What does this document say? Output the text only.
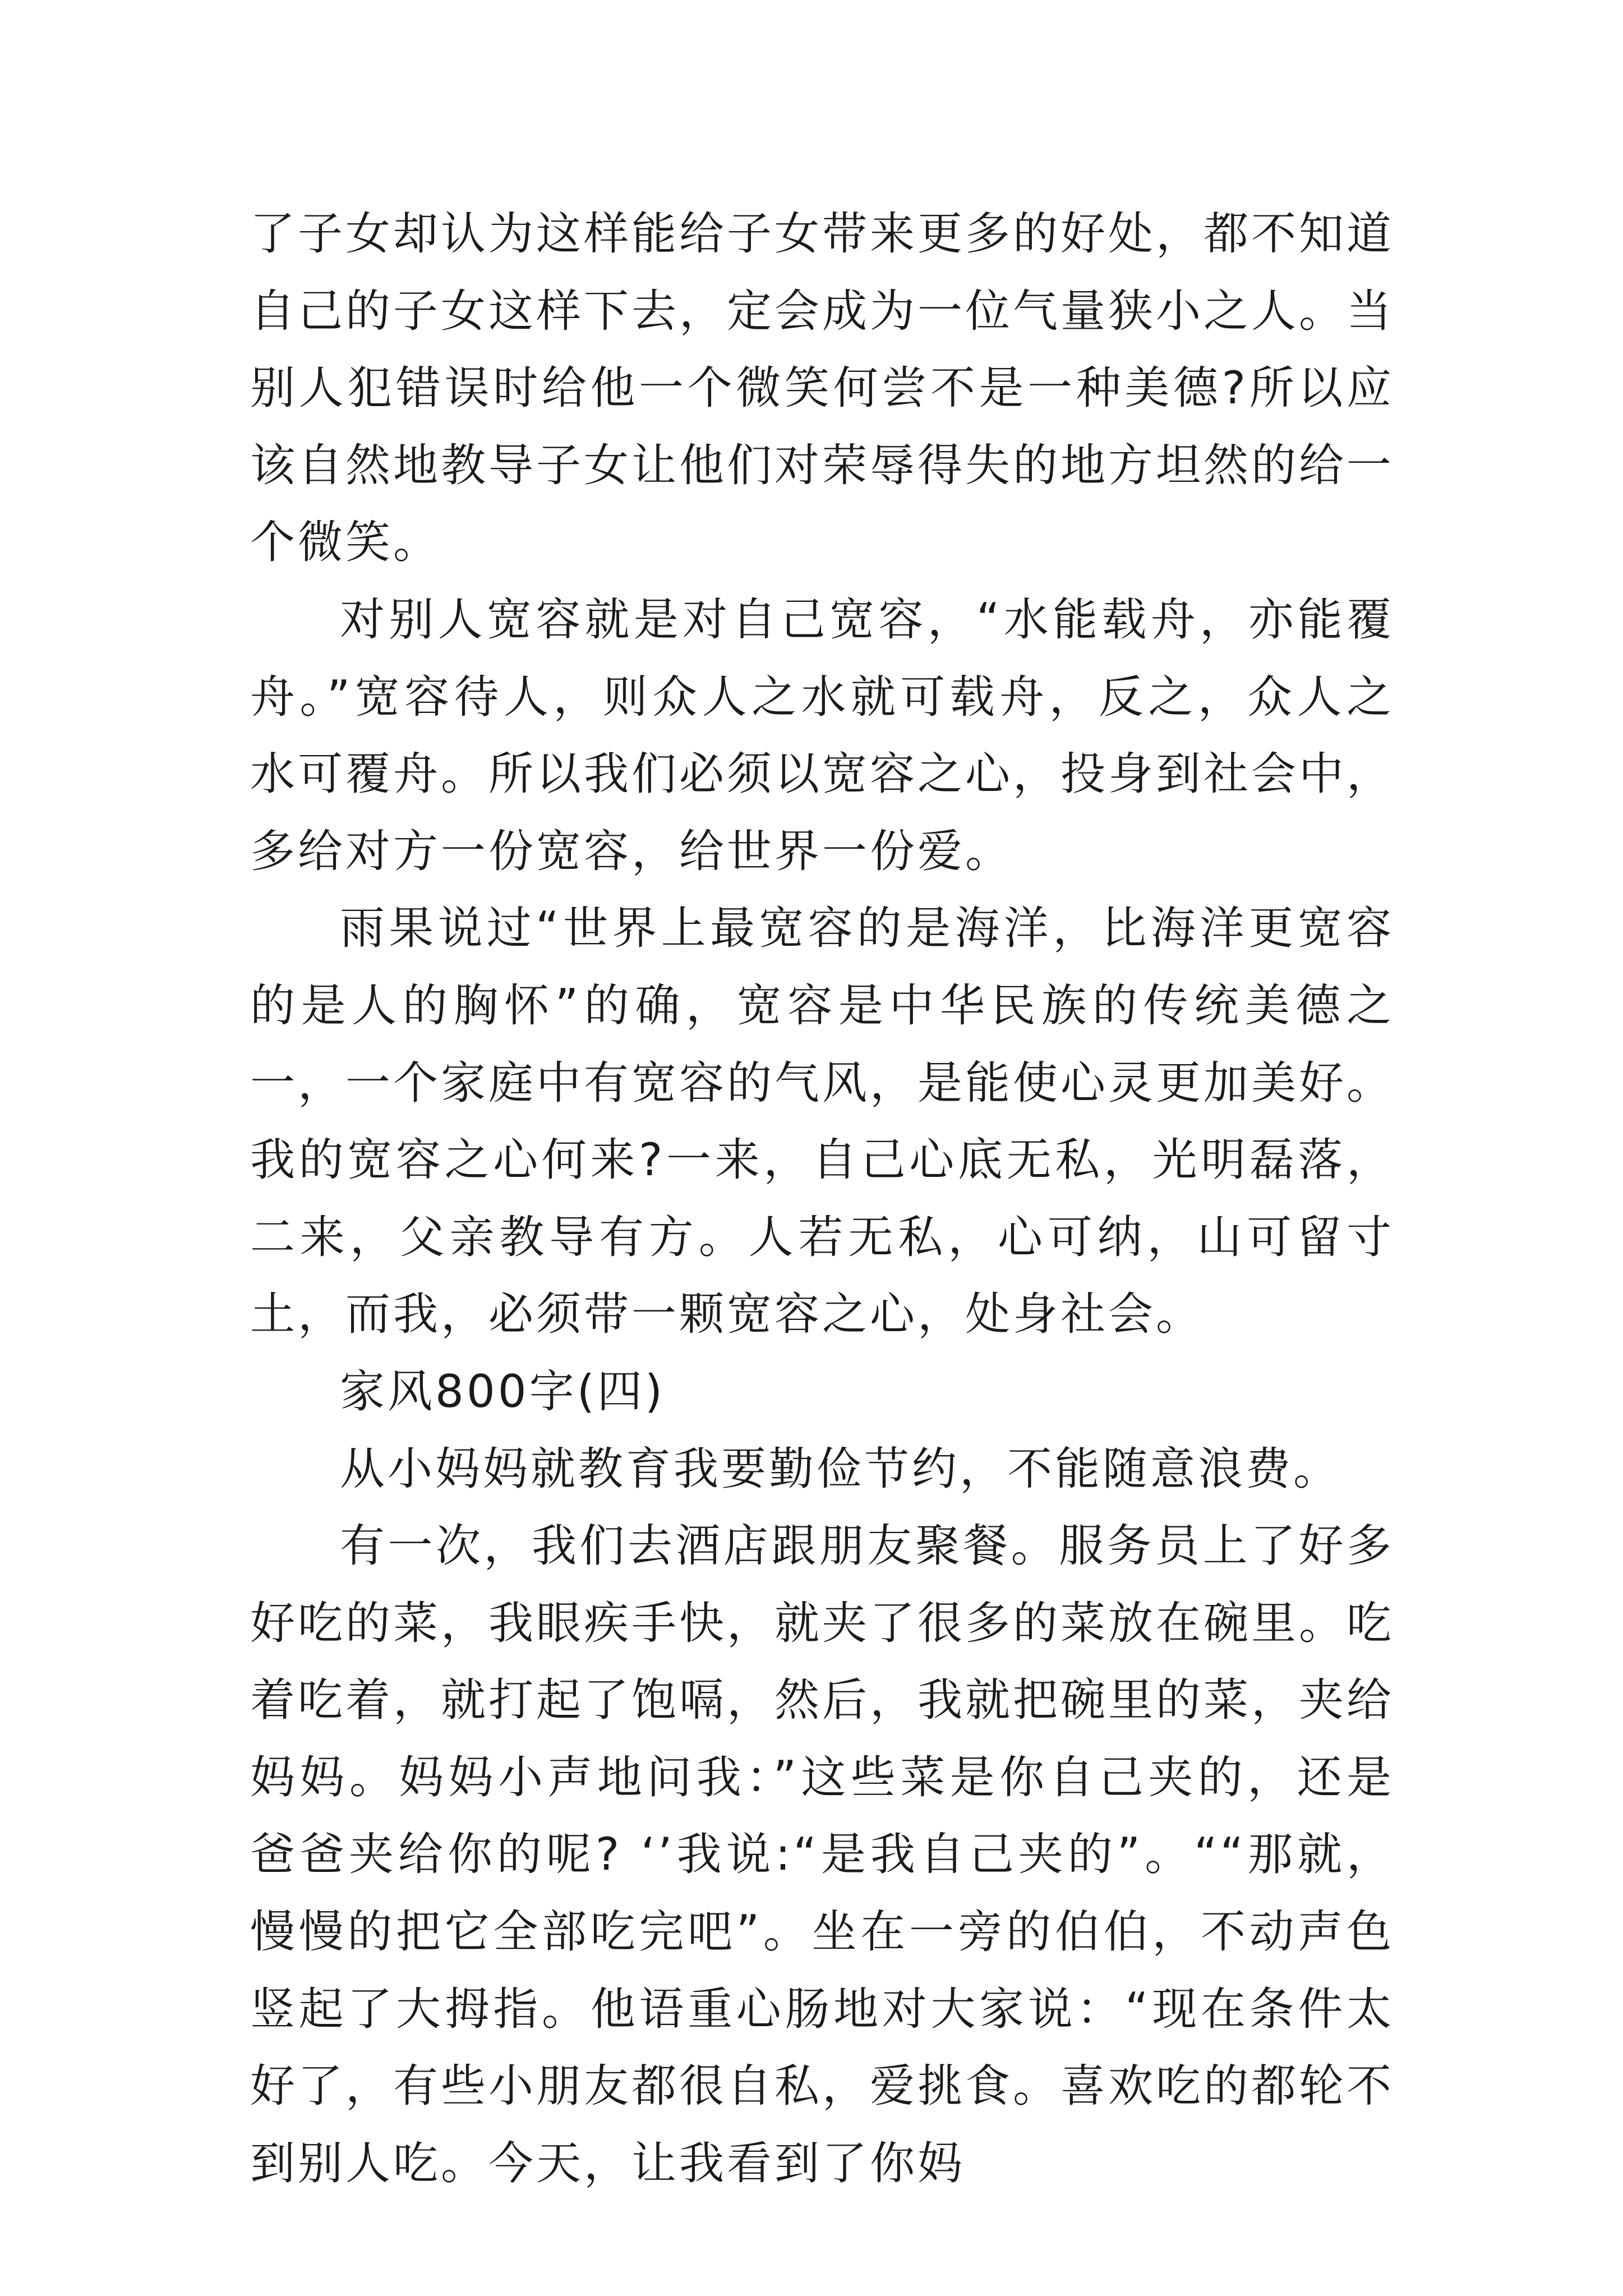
了子女却认为这样能给子女带来更多的好处，都不知道自己的子女这样下去，定会成为一位气量狭小之人。当别人犯错误时给他一个微笑何尝不是一种美德?所以应该自然地教导子女让他们对荣辱得失的地方坦然的给一个微笑。

对别人宽容就是对自己宽容，“水能载舟，亦能覆舟。”宽容待人，则众人之水就可载舟，反之，众人之水可覆舟。所以我们必须以宽容之心，投身到社会中，多给对方一份宽容，给世界一份爱。

雨果说过“世界上最宽容的是海洋，比海洋更宽容的是人的胸怀”的确，宽容是中华民族的传统美德之一，一个家庭中有宽容的气风，是能使心灵更加美好。我的宽容之心何来?一来，自己心底无私，光明磊落，二来，父亲教导有方。人若无私，心可纳，山可留寸土，而我，必须带一颗宽容之心，处身社会。

家风800字(四)

从小妈妈就教育我要勤俭节约，不能随意浪费。

有一次，我们去酒店跟朋友聚餐。服务员上了好多好吃的菜，我眼疾手快，就夹了很多的菜放在碗里。吃着吃着，就打起了饱嗝，然后，我就把碗里的菜，夹给妈妈。妈妈小声地问我：”这些菜是你自己夹的，还是爸爸夹给你的呢? ‘’我说:“是我自己夹的”。““那就，慢慢的把它全部吃完吧”。坐在一旁的伯伯，不动声色竖起了大拇指。他语重心肠地对大家说：“现在条件太好了，有些小朋友都很自私，爱挑食。喜欢吃的都轮不到别人吃。今天，让我看到了你妈
